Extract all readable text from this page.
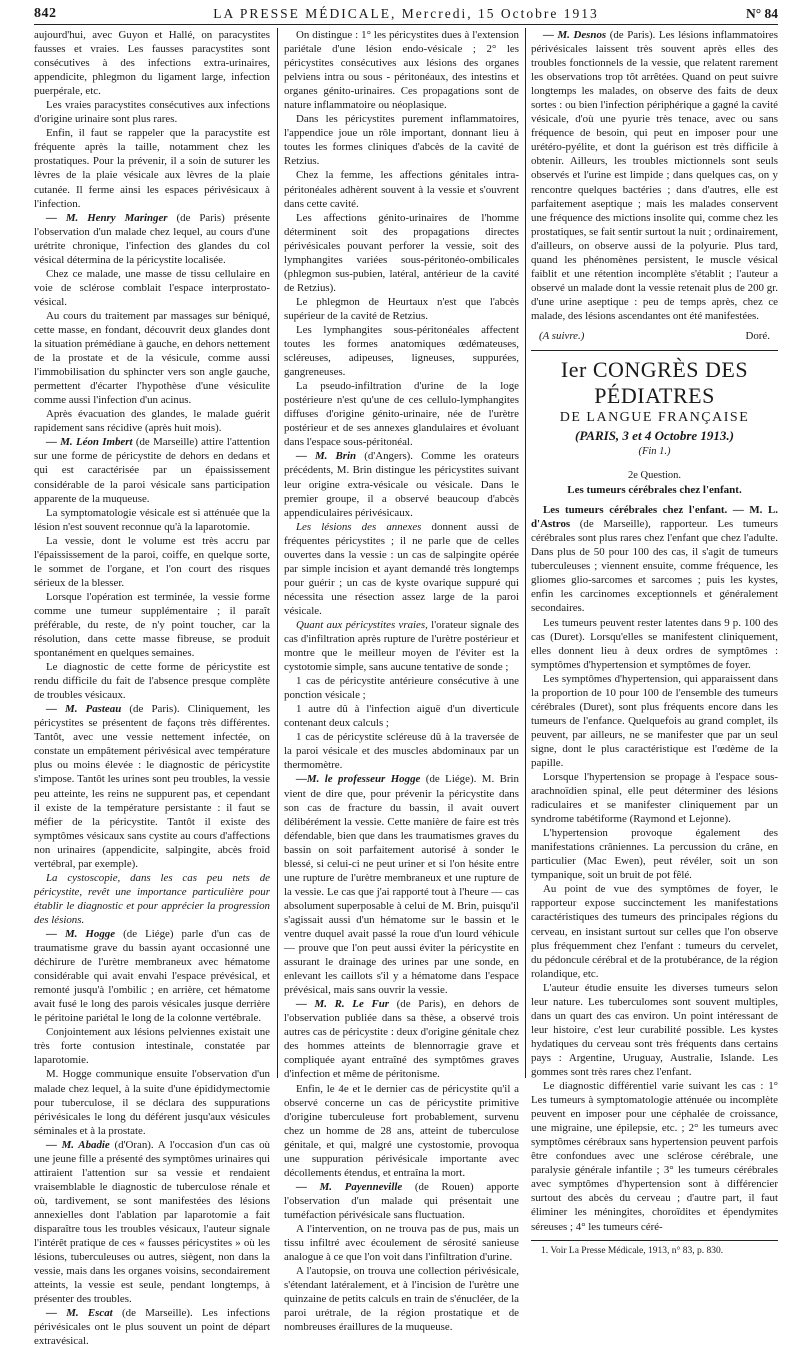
842	LA PRESSE MÉDICALE, Mercredi, 15 Octobre 1913	N° 84

aujourd'hui, avec Guyon et Hallé, on paracystites fausses et vraies. Les fausses paracystites sont consécutives à des infections extra-urinaires, appendicite, phlegmon du ligament large, infection puerpérale, etc.

Les vraies paracystites consécutives aux infections d'origine urinaire sont plus rares.

Enfin, il faut se rappeler que la paracystite est fréquente après la taille, notamment chez les prostatiques. Pour la prévenir, il a soin de suturer les lèvres de la plaie vésicale aux lèvres de la plaie cutanée. Il ferme ainsi les espaces périvésicaux à l'infection.

— M. Henry Maringer (de Paris) présente l'observation d'un malade chez lequel, au cours d'une urétrite chronique, l'infection des glandes du col vésical détermina de la péricystite localisée.

Chez ce malade, une masse de tissu cellulaire en voie de sclérose comblait l'espace interprostato-vésical.

Au cours du traitement par massages sur béniqué, cette masse, en fondant, découvrit deux glandes dont la situation prémédiane à gauche, en dehors nettement de la prostate et de la vésicule, comme aussi l'immobilisation du sphincter vers son angle gauche, permettent d'écarter l'hypothèse d'une vésiculite comme aussi l'infection d'un acinus.

Après évacuation des glandes, le malade guérit rapidement sans récidive (après huit mois).

— M. Léon Imbert (de Marseille) attire l'attention sur une forme de péricystite de dehors en dedans et qui est caractérisée par un épaississement considérable de la paroi vésicale sans participation apparente de la muqueuse.

La symptomatologie vésicale est si atténuée que la lésion n'est souvent reconnue qu'à la laparotomie.

La vessie, dont le volume est très accru par l'épaississement de la paroi, coiffe, en quelque sorte, le sommet de l'organe, et l'on court des risques sérieux de la blesser.

Lorsque l'opération est terminée, la vessie forme comme une tumeur supplémentaire ; il paraît préférable, du reste, de n'y point toucher, car la résolution, dans cette masse fibreuse, se produit spontanément en quelques semaines.

Le diagnostic de cette forme de péricystite est rendu difficile du fait de l'absence presque complète de troubles vésicaux.

— M. Pasteau (de Paris). Cliniquement, les péricystites se présentent de façons très différentes. Tantôt, avec une vessie nettement infectée, on constate un empâtement périvésical avec température plus ou moins élevée : le diagnostic de péricystite s'impose. Tantôt les urines sont peu troubles, la vessie peu atteinte, les reins ne suppurent pas, et cependant il existe de la température persistante : il faut se méfier de la péricystite. Tantôt il existe des symptômes vésicaux sans cystite au cours d'affections non urinaires (appendicite, salpingite, abcès froid vertébral, par exemple).

La cystoscopie, dans les cas peu nets de péricystite, revêt une importance particulière pour établir le diagnostic et pour apprécier la progression des lésions.

— M. Hogge (de Liége) parle d'un cas de traumatisme grave du bassin ayant occasionné une déchirure de l'urètre membraneux avec hématome considérable qui avait envahi l'espace prévésical, et remonté jusqu'à l'ombilic ; en arrière, cet hématome avait fusé le long des parois vésicales jusque derrière le péritoine pariétal le long de la colonne vertébrale.

Conjointement aux lésions pelviennes existait une très forte contusion intestinale, constatée par laparotomie.

M. Hogge communique ensuite l'observation d'un malade chez lequel, à la suite d'une épididymectomie pour tuberculose, il se déclara des suppurations périvésicales le long du déférent jusqu'aux vésicules séminales et à la prostate.

— M. Abadie (d'Oran). A l'occasion d'un cas où une jeune fille a présenté des symptômes urinaires qui attiraient l'attention sur sa vessie et rendaient vraisemblable le diagnostic de tuberculose rénale et où, tardivement, se sont manifestées des lésions annexielles dont l'ablation par laparotomie a fait disparaître tous les troubles vésicaux, l'auteur signale l'intérêt pratique de ces « fausses péricystites » où les lésions, tuberculeuses ou autres, siègent, non dans la vessie, mais dans les organes voisins, secondairement atteints, la vessie est seule, pendant longtemps, à présenter des troubles.

— M. Escat (de Marseille). Les infections périvésicales ont le plus souvent un point de départ extravésical.

On distingue : 1° les péricystites dues à l'extension pariétale d'une lésion endo-vésicale ; 2° les péricystites consécutives aux lésions des organes pelviens intra ou sous - péritonéaux, des intestins et organes génito-urinaires. Ces propagations sont de nature inflammatoire ou néoplasique.

Dans les péricystites purement inflammatoires, l'appendice joue un rôle important, donnant lieu à toutes les formes cliniques d'abcès de la cavité de Retzius.

Chez la femme, les affections génitales intra-péritonéales adhèrent souvent à la vessie et s'ouvrent dans cette cavité.

Les affections génito-urinaires de l'homme déterminent soit des propagations directes périvésicales pouvant perforer la vessie, soit des lymphangites variées sous-péritonéo-ombilicales (phlegmon sus-pubien, latéral, antérieur de la cavité de Retzius).

Le phlegmon de Heurtaux n'est que l'abcès supérieur de la cavité de Retzius.

Les lymphangites sous-péritonéales affectent toutes les formes anatomiques œdémateuses, scléreuses, adipeuses, ligneuses, suppurées, gangreneuses.

La pseudo-infiltration d'urine de la loge postérieure n'est qu'une de ces cellulo-lymphangites diffuses d'origine génito-urinaire, née de l'urètre postérieur et de ses annexes glandulaires et évoluant dans l'espace sous-péritonéal.

— M. Brin (d'Angers). Comme les orateurs précédents, M. Brin distingue les péricystites suivant leur origine extra-vésicale ou vésicale. Dans le premier groupe, il a observé beaucoup d'abcès appendiculaires périvésicaux.

Les lésions des annexes donnent aussi de fréquentes péricystites ; il ne parle que de celles ouvertes dans la vessie : un cas de salpingite opérée par simple incision et ayant demandé très longtemps pour guérir ; un cas de kyste ovarique suppuré qui nécessita une résection assez large de la paroi vésicale.

Quant aux péricystites vraies, l'orateur signale des cas d'infiltration après rupture de l'urètre postérieur et montre que le meilleur moyen de l'éviter est la cystotomie simple, sans aucune tentative de sonde ;

1 cas de péricystite antérieure consécutive à une ponction vésicale ;

1 autre dû à l'infection aiguë d'un diverticule contenant deux calculs ;

1 cas de péricystite scléreuse dû à la traversée de la paroi vésicale et des muscles abdominaux par un thermomètre.

—M. le professeur Hogge (de Liége). M. Brin vient de dire que, pour prévenir la péricystite dans son cas de fracture du bassin, il avait ouvert délibérément la vessie. Cette manière de faire est très défendable, bien que dans les traumatismes graves du bassin on soit parfaitement autorisé à sonder le blessé, si celui-ci ne peut uriner et si l'on hésite entre une rupture de l'urètre membraneux et une rupture de la vessie. Le cas que j'ai rapporté tout à l'heure — cas absolument superposable à celui de M. Brin, puisqu'il s'agissait aussi d'un hématome sur le bassin et le ventre duquel avait passé la roue d'un lourd véhicule — prouve que l'on peut aussi éviter la péricystite en assurant le drainage des urines par une sonde, en enlevant les caillots s'il y a hématome dans l'espace prévésical, mais sans ouvrir la vessie.

— M. R. Le Fur (de Paris), en dehors de l'observation publiée dans sa thèse, a observé trois autres cas de péricystite : deux d'origine génitale chez des hommes atteints de blennorragie grave et compliquée ayant entraîné des symptômes graves d'infection et même de péritonisme.

Enfin, le 4e et le dernier cas de péricystite qu'il a observé concerne un cas de péricystite primitive d'origine tuberculeuse fort probablement, survenu chez un homme de 28 ans, atteint de tuberculose génitale, et qui, malgré une cystostomie, provoqua une suppuration périvésicale importante avec décollements étendus, et entraîna la mort.

— M. Payenneville (de Rouen) apporte l'observation d'un malade qui présentait une tuméfaction périvésicale sans fluctuation.

A l'intervention, on ne trouva pas de pus, mais un tissu infiltré avec écoulement de sérosité sanieuse analogue à ce que l'on voit dans l'infiltration d'urine.

A l'autopsie, on trouva une collection périvésicale, s'étendant latéralement, et à l'incision de l'urètre une quinzaine de petits calculs en train de s'énucléer, de la paroi urétrale, de la région prostatique et de nombreuses éraillures de la muqueuse.

— M. Desnos (de Paris). Les lésions inflammatoires périvésicales laissent très souvent après elles des troubles fonctionnels de la vessie, que relatent rarement les observations trop tôt arrêtées. Quand on peut suivre longtemps les malades, on observe des faits de deux sortes : ou bien l'infection périphérique a gagné la cavité vésicale, d'où une pyurie très tenace, avec ou sans fréquence de besoin, qui peut en imposer pour une urétéro-pyélite, et dont la guérison est très difficile à obtenir. Ailleurs, les troubles mictionnels sont seuls observés et l'urine est limpide ; dans quelques cas, on y rencontre quelques bactéries ; dans d'autres, elle est parfaitement aseptique ; mais les malades conservent une fréquence des mictions insolite qui, comme chez les prostatiques, se fait sentir surtout la nuit ; ordinairement, d'ailleurs, on observe aussi de la polyurie. Plus tard, quand les phénomènes persistent, le muscle vésical faiblit et une rétention incomplète s'établit ; l'auteur a observé un malade dont la vessie retenait plus de 200 gr. d'une urine aseptique : peu de temps après, chez ce malade, des lésions ascendantes ont été manifestées.

(A suivre.)	Doré.
Ier CONGRÈS DES PÉDIATRES
DE LANGUE FRANÇAISE
(PARIS, 3 et 4 Octobre 1913.)
(Fin 1.)
2e Question.
Les tumeurs cérébrales chez l'enfant.

Les tumeurs cérébrales chez l'enfant. — M. L. d'Astros (de Marseille), rapporteur. Les tumeurs cérébrales sont plus rares chez l'enfant que chez l'adulte. Dans plus de 50 pour 100 des cas, il s'agit de tumeurs tuberculeuses ; viennent ensuite, comme fréquence, les gliomes glio-sarcomes et sarcomes ; puis les kystes, enfin les carcinomes exceptionnels et généralement secondaires.

Les tumeurs peuvent rester latentes dans 9 p. 100 des cas (Duret). Lorsqu'elles se manifestent cliniquement, elles donnent lieu à deux ordres de symptômes : symptômes d'hypertension et symptômes de foyer.

Les symptômes d'hypertension, qui apparaissent dans la proportion de 10 pour 100 de l'ensemble des tumeurs cérébrales (Duret), sont plus fréquents encore dans les tumeurs de l'enfance. Quelquefois au grand complet, ils peuvent, par ailleurs, ne se manifester que par un seul signe, dont le plus caractéristique est l'œdème de la papille.

Lorsque l'hypertension se propage à l'espace sous-arachnoïdien spinal, elle peut déterminer des lésions radiculaires et se manifester cliniquement par un syndrome tabétiforme (Raymond et Lejonne).

L'hypertension provoque également des manifestations crâniennes. La percussion du crâne, en particulier (Mac Ewen), peut révéler, soit un son tympanique, soit un bruit de pot fêlé.

Au point de vue des symptômes de foyer, le rapporteur expose succinctement les manifestations caractéristiques des tumeurs des principales régions du cerveau, en insistant surtout sur celles que l'on observe plus fréquemment chez l'enfant : tumeurs du cervelet, du pédoncule cérébral et de la protubérance, de la région rolandique, etc.

L'auteur étudie ensuite les diverses tumeurs selon leur nature. Les tuberculomes sont souvent multiples, dans un quart des cas environ. Un point intéressant de leur histoire, c'est leur curabilité possible. Les kystes hydatiques du cerveau sont très fréquents dans certains pays : Argentine, Uruguay, Australie, Islande. Les gommes sont très rares chez l'enfant.

Le diagnostic différentiel varie suivant les cas : 1° Les tumeurs à symptomatologie atténuée ou incomplète peuvent en imposer pour une céphalée de croissance, une migraine, une épilepsie, etc. ; 2° les tumeurs avec symptômes cérébraux sans hypertension peuvent parfois être confondues avec une sclérose cérébrale, une paralysie générale infantile ; 3° les tumeurs cérébrales avec symptômes d'hypertension sont à différencier surtout des abcès du cerveau ; d'autre part, il faut éliminer les méningites, choroïdites et épendymites séreuses ; 4° les tumeurs céré-

1. Voir La Presse Médicale, 1913, n° 83, p. 830.
